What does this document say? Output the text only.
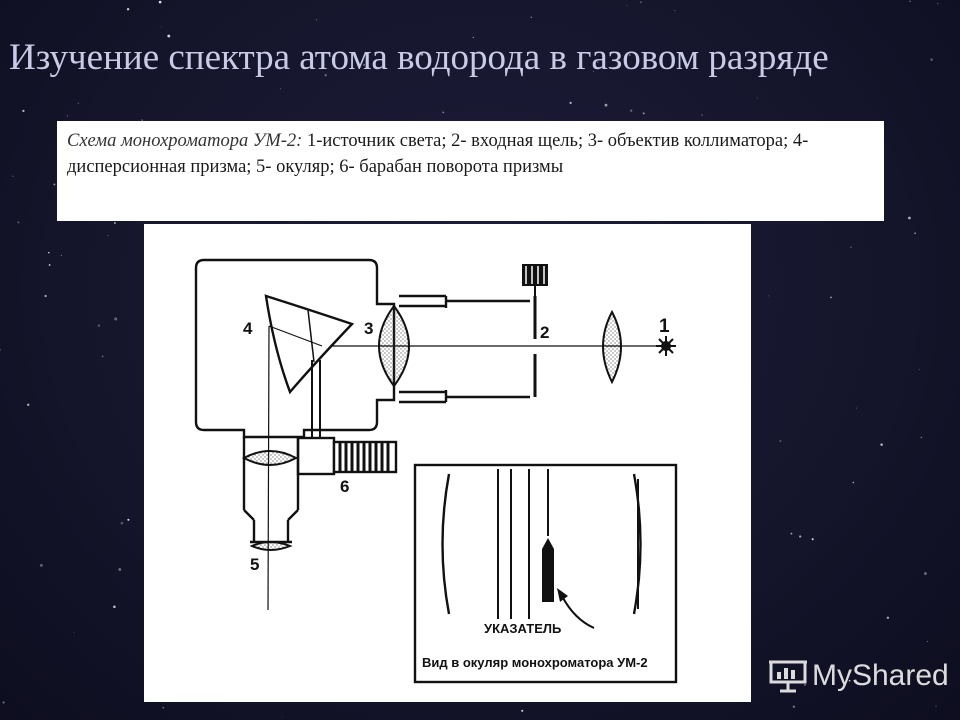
Изучение спектра атома водорода в газовом разряде
Схема монохроматора УМ-2: 1-источник света; 2- входная щель; 3- объектив коллиматора; 4-дисперсионная призма; 5- окуляр; 6- барабан поворота призмы
1
2
3
4
5
6
УКАЗАТЕЛЬ
Вид в окуляр монохроматора УМ-2	MyShared
